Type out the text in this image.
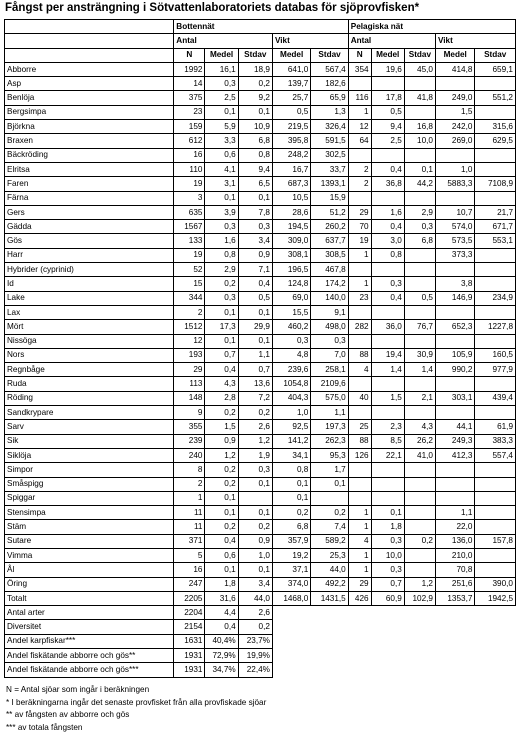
Fångst per ansträngning i Sötvattenlaboratoriets databas för sjöprovfisken*
	Bottennät					Pelagiska nät				
	Antal			Vikt		Antal			Vikt	
	N	Medel	Stdav	Medel	Stdav	N	Medel	Stdav	Medel	Stdav
Abborre	1992	16,1	18,9	641,0	567,4	354	19,6	45,0	414,8	659,1
Asp	14	0,3	0,2	139,7	182,6					
Benlöja	375	2,5	9,2	25,7	65,9	116	17,8	41,8	249,0	551,2
Bergsimpa	23	0,1	0,1	0,5	1,3	1	0,5		1,5	
Björkna	159	5,9	10,9	219,5	326,4	12	9,4	16,8	242,0	315,6
Braxen	612	3,3	6,8	395,8	591,5	64	2,5	10,0	269,0	629,5
Bäckröding	16	0,6	0,8	248,2	302,5					
Elritsa	110	4,1	9,4	16,7	33,7	2	0,4	0,1	1,0	
Faren	19	3,1	6,5	687,3	1393,1	2	36,8	44,2	5883,3	7108,9
Färna	3	0,1	0,1	10,5	15,9					
Gers	635	3,9	7,8	28,6	51,2	29	1,6	2,9	10,7	21,7
Gädda	1567	0,3	0,3	194,5	260,2	70	0,4	0,3	574,0	671,7
Gös	133	1,6	3,4	309,0	637,7	19	3,0	6,8	573,5	553,1
Harr	19	0,8	0,9	308,1	308,5	1	0,8		373,3	
Hybrider (cyprinid)	52	2,9	7,1	196,5	467,8					
Id	15	0,2	0,4	124,8	174,2	1	0,3		3,8	
Lake	344	0,3	0,5	69,0	140,0	23	0,4	0,5	146,9	234,9
Lax	2	0,1	0,1	15,5	9,1					
Mört	1512	17,3	29,9	460,2	498,0	282	36,0	76,7	652,3	1227,8
Nissöga	12	0,1	0,1	0,3	0,3					
Nors	193	0,7	1,1	4,8	7,0	88	19,4	30,9	105,9	160,5
Regnbåge	29	0,4	0,7	239,6	258,1	4	1,4	1,4	990,2	977,9
Ruda	113	4,3	13,6	1054,8	2109,6					
Röding	148	2,8	7,2	404,3	575,0	40	1,5	2,1	303,1	439,4
Sandkrypare	9	0,2	0,2	1,0	1,1					
Sarv	355	1,5	2,6	92,5	197,3	25	2,3	4,3	44,1	61,9
Sik	239	0,9	1,2	141,2	262,3	88	8,5	26,2	249,3	383,3
Siklöja	240	1,2	1,9	34,1	95,3	126	22,1	41,0	412,3	557,4
Simpor	8	0,2	0,3	0,8	1,7					
Småspigg	2	0,2	0,1	0,1	0,1					
Spiggar	1	0,1		0,1						
Stensimpa	11	0,1	0,1	0,2	0,2	1	0,1		1,1	
Stäm	11	0,2	0,2	6,8	7,4	1	1,8		22,0	
Sutare	371	0,4	0,9	357,9	589,2	4	0,3	0,2	136,0	157,8
Vimma	5	0,6	1,0	19,2	25,3	1	10,0		210,0	
Ål	16	0,1	0,1	37,1	44,0	1	0,3		70,8	
Öring	247	1,8	3,4	374,0	492,2	29	0,7	1,2	251,6	390,0
Totalt	2205	31,6	44,0	1468,0	1431,5	426	60,9	102,9	1353,7	1942,5
Antal arter	2204	4,4	2,6							
Diversitet	2154	0,4	0,2							
Andel karpfiskar***	1631	40,4%	23,7%							
Andel fiskätande abborre och gös**	1931	72,9%	19,9%							
Andel fiskätande abborre och gös***	1931	34,7%	22,4%							
N = Antal sjöar som ingår i beräkningen
* I beräkningarna ingår det senaste provfisket från alla provfiskade sjöar
** av fångsten av abborre och gös
*** av totala fångsten
